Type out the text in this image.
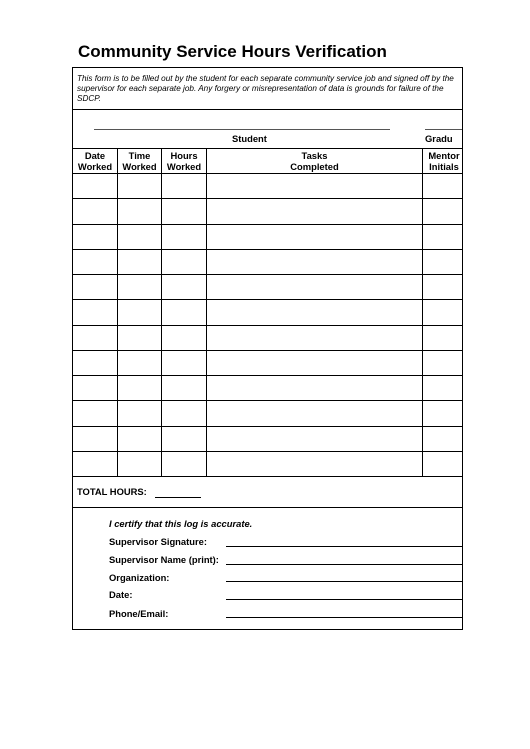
Community Service Hours Verification

This form is to be filled out by the student for each separate community service job and signed off by the supervisor for each separate job. Any forgery or misrepresentation of data is grounds for failure of the SDCP.

Student	Gradu
Date
Worked
Time
Worked
Hours
Worked
Tasks
Completed
Mentor
Initials
TOTAL HOURS:
I certify that this log is accurate.
Supervisor Signature:
Supervisor Name (print):
Organization:
Date:
Phone/Email:
